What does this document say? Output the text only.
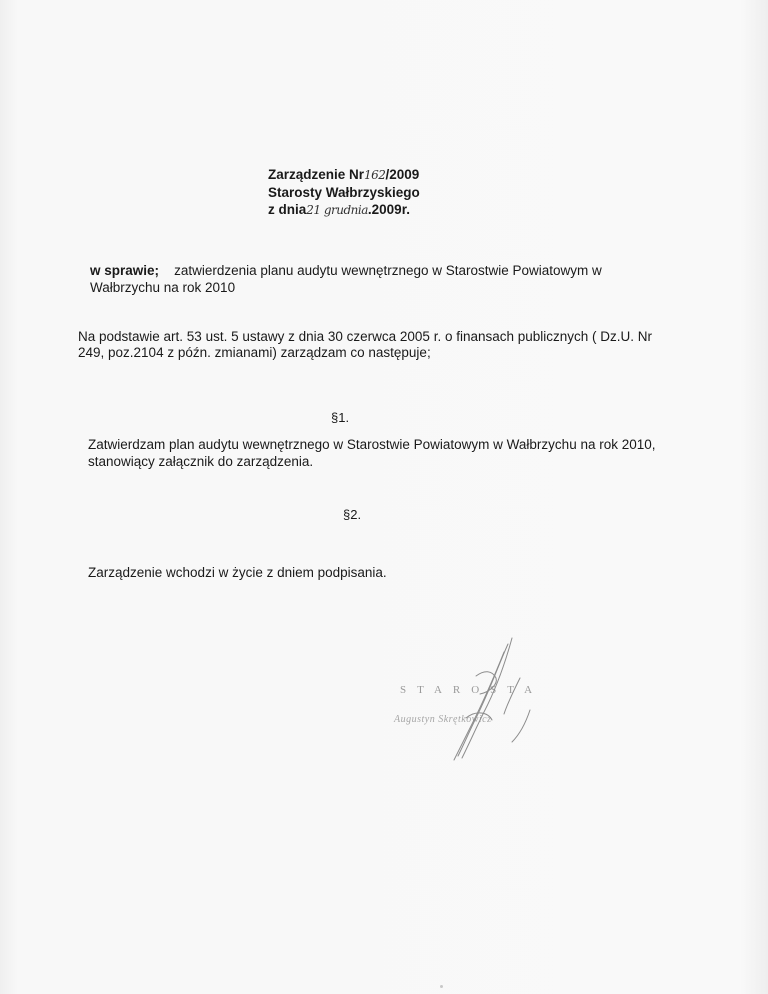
Zarządzenie Nr162/2009
Starosty Wałbrzyskiego
z dnia21 grudnia.2009r.
w sprawie; zatwierdzenia planu audytu wewnętrznego w Starostwie Powiatowym w Wałbrzychu na rok 2010
Na podstawie art. 53 ust. 5 ustawy z dnia 30 czerwca 2005 r. o finansach publicznych ( Dz.U. Nr 249, poz.2104 z późn. zmianami) zarządzam co następuje;
§1.
Zatwierdzam plan audytu wewnętrznego w Starostwie Powiatowym w Wałbrzychu na rok 2010, stanowiący załącznik do zarządzenia.
§2.
Zarządzenie wchodzi w życie z dniem podpisania.
STAROSTA
Augustyn Skrętkowicz
